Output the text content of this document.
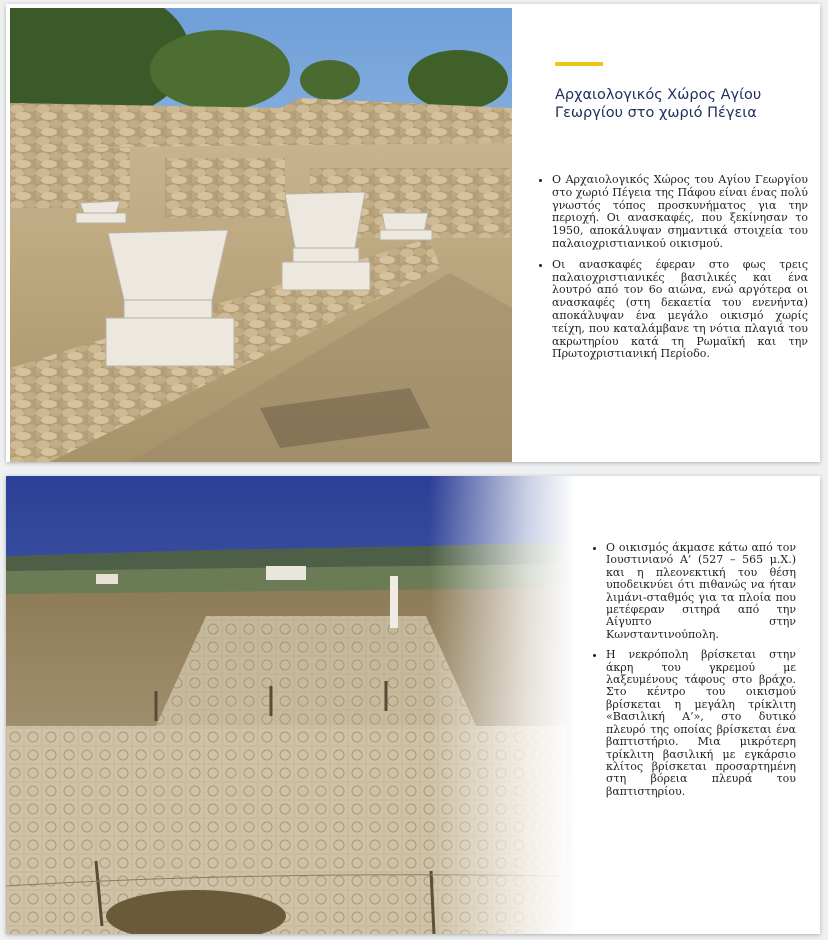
Αρχαιολογικός Χώρος Αγίου Γεωργίου στο χωριό Πέγεια
• Ο Αρχαιολογικός Χώρος του Αγίου Γεωργίου στο χωριό Πέγεια της Πάφου είναι ένας πολύ γνωστός τόπος προσκυνήματος για την περιοχή. Οι ανασκαφές, που ξεκίνησαν το 1950, αποκάλυψαν σημαντικά στοιχεία του παλαιοχριστιανικού οικισμού.
• Οι ανασκαφές έφεραν στο φως τρεις παλαιοχριστιανικές βασιλικές και ένα λουτρό από τον 6ο αιώνα, ενώ αργότερα οι ανασκαφές (στη δεκαετία του ενενήντα) αποκάλυψαν ένα μεγάλο οικισμό χωρίς τείχη, που καταλάμβανε τη νότια πλαγιά του ακρωτηρίου κατά τη Ρωμαϊκή και την Πρωτοχριστιανική Περίοδο.
• Ο οικισμός άκμασε κάτω από τον Ιουστινιανό Α’ (527 – 565 μ.Χ.) και η πλεονεκτική του θέση υποδεικνύει ότι πιθανώς να ήταν λιμάνι-σταθμός για τα πλοία που μετέφεραν σιτηρά από την Αίγυπτο στην Κωνσταντινούπολη.
• Η νεκρόπολη βρίσκεται στην άκρη του γκρεμού με λαξευμένους τάφους στο βράχο. Στο κέντρο του οικισμού βρίσκεται η μεγάλη τρίκλιτη «Βασιλική Α’», στο δυτικό πλευρό της οποίας βρίσκεται ένα βαπτιστήριο. Μια μικρότερη τρίκλιτη βασιλική με εγκάρσιο κλίτος βρίσκεται προσαρτημένη στη βόρεια πλευρά του βαπτιστηρίου.
